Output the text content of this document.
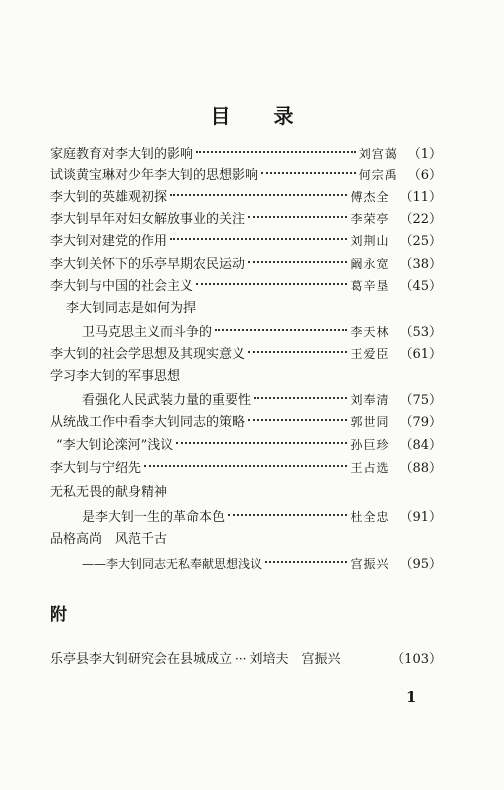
目 录
家庭教育对李大钊的影响	刘宫蔼 （1）
试谈黄宝琳对少年李大钊的思想影响	何宗禹 （6）
李大钊的英雄观初探	傅杰全 （11）
李大钊早年对妇女解放事业的关注	李荣亭 （22）
李大钊对建党的作用	刘荆山 （25）
李大钊关怀下的乐亭早期农民运动	阚永宽 （38）
李大钊与中国的社会主义	葛辛垦 （45）
李大钊同志是如何为捍
卫马克思主义而斗争的	李天林 （53）
李大钊的社会学思想及其现实意义	王爱臣 （61）
学习李大钊的军事思想
看强化人民武装力量的重要性	刘奉清 （75）
从统战工作中看李大钊同志的策略	郭世同 （79）
“李大钊论滦河”浅议	孙巨珍 （84）
李大钊与宁绍先	王占选 （88）
无私无畏的献身精神
是李大钊一生的革命本色	杜全忠 （91）
品格高尚　风范千古
——李大钊同志无私奉献思想浅议	宫振兴 （95）
附
乐亭县李大钊研究会在县城成立 ··· 刘培夫　宫振兴	（103）
1
